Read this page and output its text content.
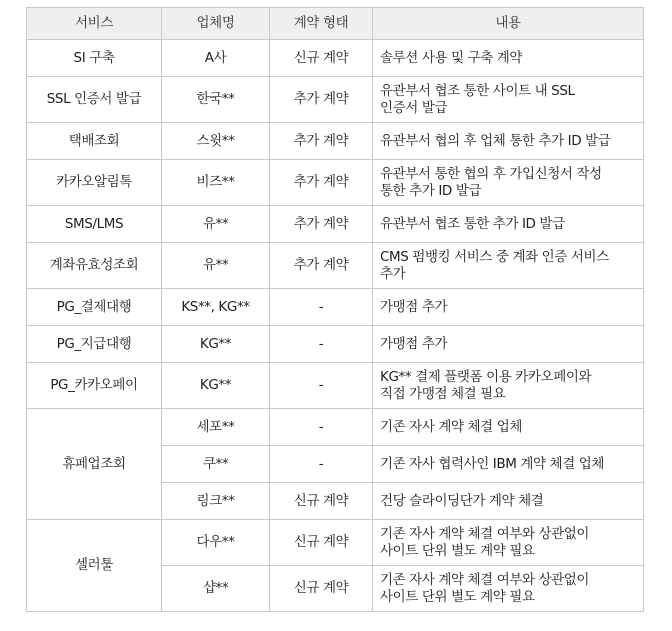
서비스	업체명	계약 형태	내용
SI 구축	A사	신규 계약	솔루션 사용 및 구축 계약

SSL 인증서 발급	한국**	추가 계약	유관부서 협조 통한 사이트 내 SSL
인증서 발급

택배조회	스윗**	추가 계약	유관부서 협의 후 업체 통한 추가 ID 발급

카카오알림톡	비즈**	추가 계약	유관부서 통한 협의 후 가입신청서 작성
통한 추가 ID 발급

SMS/LMS	유**	추가 계약	유관부서 협조 통한 추가 ID 발급

계좌유효성조회	유**	추가 계약	CMS 펌뱅킹 서비스 중 계좌 인증 서비스
추가

PG_결제대행	KS**, KG**	-	가맹점 추가

PG_지급대행	KG**	-	가맹점 추가

PG_카카오페이	KG**	-	KG** 결제 플랫폼 이용 카카오페이와
직접 가맹점 체결 필요

휴페업조회	세포**	-	기존 자사 계약 체결 업체

	쿠**	-	기존 자사 협력사인 IBM 계약 체결 업체

	링크**	신규 계약	건당 슬라이딩단가 계약 체결

셀러툴	다우**	신규 계약	기존 자사 계약 체결 여부와 상관없이
사이트 단위 별도 계약 필요

	샵**	신규 계약	기존 자사 계약 체결 여부와 상관없이
사이트 단위 별도 계약 필요
